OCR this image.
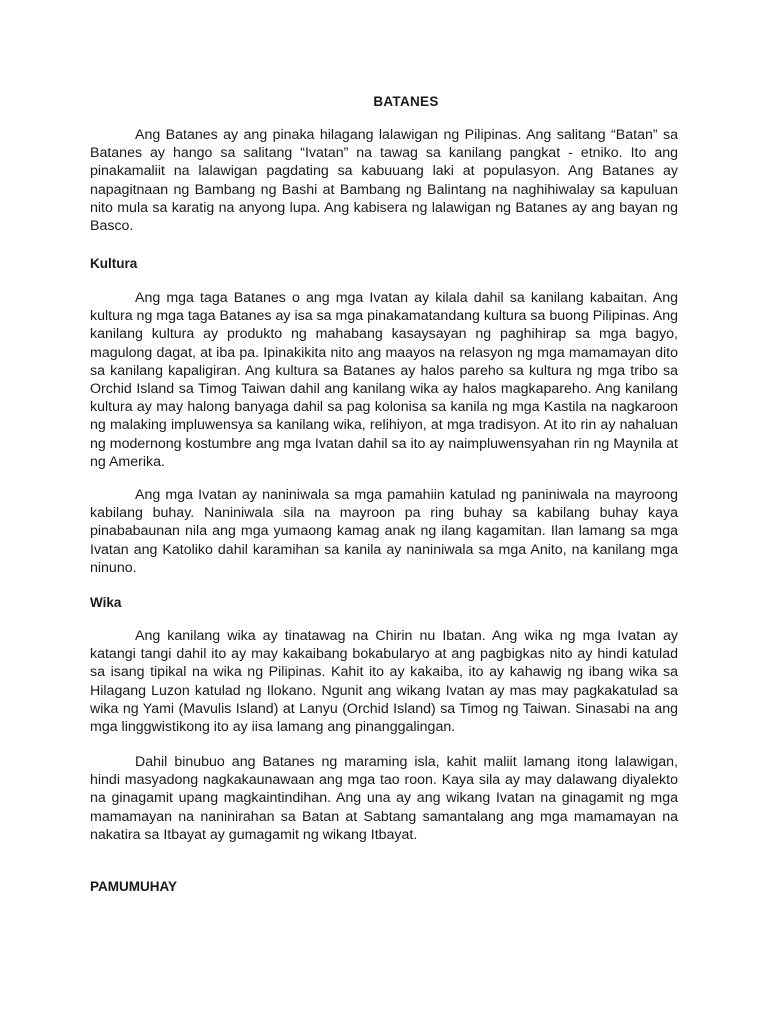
BATANES

Ang Batanes ay ang pinaka hilagang lalawigan ng Pilipinas. Ang salitang “Batan” sa Batanes ay hango sa salitang “Ivatan” na tawag sa kanilang pangkat - etniko. Ito ang pinakamaliit na lalawigan pagdating sa kabuuang laki at populasyon. Ang Batanes ay napagitnaan ng Bambang ng Bashi at Bambang ng Balintang na naghihiwalay sa kapuluan nito mula sa karatig na anyong lupa. Ang kabisera ng lalawigan ng Batanes ay ang bayan ng Basco.

Kultura

Ang mga taga Batanes o ang mga Ivatan ay kilala dahil sa kanilang kabaitan. Ang kultura ng mga taga Batanes ay isa sa mga pinakamatandang kultura sa buong Pilipinas. Ang kanilang kultura ay produkto ng mahabang kasaysayan ng paghihirap sa mga bagyo, magulong dagat, at iba pa. Ipinakikita nito ang maayos na relasyon ng mga mamamayan dito sa kanilang kapaligiran. Ang kultura sa Batanes ay halos pareho sa kultura ng mga tribo sa Orchid Island sa Timog Taiwan dahil ang kanilang wika ay halos magkapareho. Ang kanilang kultura ay may halong banyaga dahil sa pag kolonisa sa kanila ng mga Kastila na nagkaroon ng malaking impluwensya sa kanilang wika, relihiyon, at mga tradisyon. At ito rin ay nahaluan ng modernong kostumbre ang mga Ivatan dahil sa ito ay naimpluwensyahan rin ng Maynila at ng Amerika.

Ang mga Ivatan ay naniniwala sa mga pamahiin katulad ng paniniwala na mayroong kabilang buhay. Naniniwala sila na mayroon pa ring buhay sa kabilang buhay kaya pinababaunan nila ang mga yumaong kamag anak ng ilang kagamitan. Ilan lamang sa mga Ivatan ang Katoliko dahil karamihan sa kanila ay naniniwala sa mga Anito, na kanilang mga ninuno.

Wika

Ang kanilang wika ay tinatawag na Chirin nu Ibatan. Ang wika ng mga Ivatan ay katangi tangi dahil ito ay may kakaibang bokabularyo at ang pagbigkas nito ay hindi katulad sa isang tipikal na wika ng Pilipinas. Kahit ito ay kakaiba, ito ay kahawig ng ibang wika sa Hilagang Luzon katulad ng Ilokano. Ngunit ang wikang Ivatan ay mas may pagkakatulad sa wika ng Yami (Mavulis Island) at Lanyu (Orchid Island) sa Timog ng Taiwan. Sinasabi na ang mga linggwistikong ito ay iisa lamang ang pinanggalingan.

Dahil binubuo ang Batanes ng maraming isla, kahit maliit lamang itong lalawigan, hindi masyadong nagkakaunawaan ang mga tao roon. Kaya sila ay may dalawang diyalekto na ginagamit upang magkaintindihan. Ang una ay ang wikang Ivatan na ginagamit ng mga mamamayan na naninirahan sa Batan at Sabtang samantalang ang mga mamamayan na nakatira sa Itbayat ay gumagamit ng wikang Itbayat.

PAMUMUHAY
